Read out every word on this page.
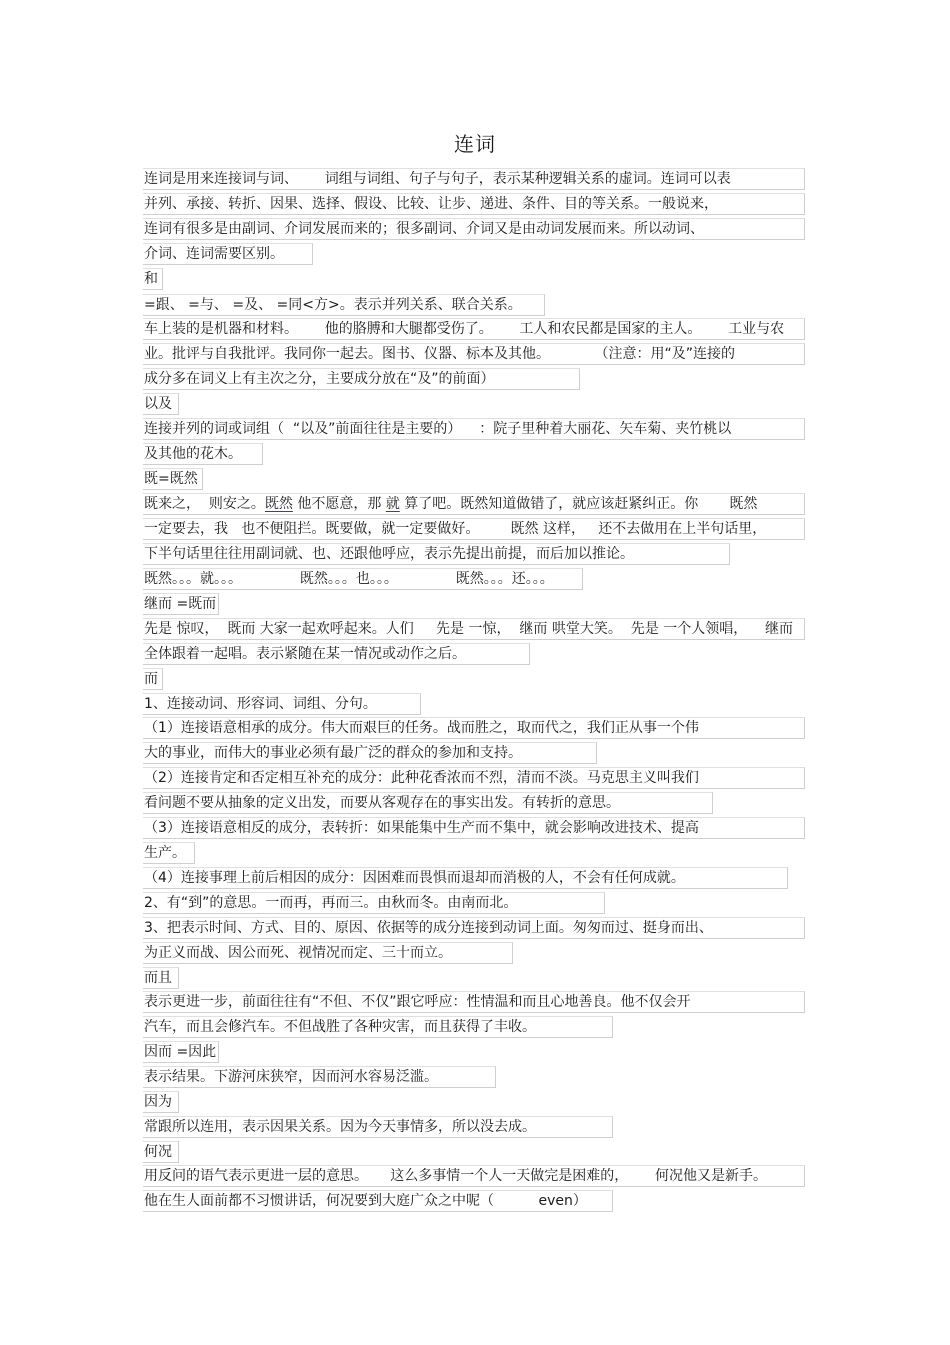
连词
连词是用来连接词与词、      词组与词组、句子与句子，表示某种逻辑关系的虚词。连词可以表
并列、承接、转折、因果、选择、假设、比较、让步、递进、条件、目的等关系。一般说来，
连词有很多是由副词、介词发展而来的；很多副词、介词又是由动词发展而来。所以动词、
介词、连词需要区别。
和
=跟、 =与、 =及、 =同<方>。表示并列关系、联合关系。
车上装的是机器和材料。      他的胳膊和大腿都受伤了。      工人和农民都是国家的主人。      工业与农
业。批评与自我批评。我同你一起去。图书、仪器、标本及其他。          （注意：用“及”连接的
成分多在词义上有主次之分，主要成分放在“及”的前面）
以及
连接并列的词或词组（  “以及”前面往往是主要的）    ：院子里种着大丽花、矢车菊、夹竹桃以
及其他的花木。
既=既然
既来之，  则安之。既然 他不愿意，那 就 算了吧。既然知道做错了，就应该赶紧纠正。你       既然
一定要去，我   也不便阻拦。既要做，就一定要做好。       既然 这样，   还不去做用在上半句话里，
下半句话里往往用副词就、也、还跟他呼应，表示先提出前提，而后加以推论。
既然。。。就。。。             既然。。。也。。。             既然。。。还。。。
继而 =既而
先是 惊叹，  既而 大家一起欢呼起来。人们     先是 一惊，  继而 哄堂大笑。  先是 一个人领唱，    继而
全体跟着一起唱。表示紧随在某一情况或动作之后。
而
1、连接动词、形容词、词组、分句。
（1）连接语意相承的成分。伟大而艰巨的任务。战而胜之，取而代之，我们正从事一个伟
大的事业，而伟大的事业必须有最广泛的群众的参加和支持。
（2）连接肯定和否定相互补充的成分：此种花香浓而不烈，清而不淡。马克思主义叫我们
看问题不要从抽象的定义出发，而要从客观存在的事实出发。有转折的意思。
（3）连接语意相反的成分，表转折：如果能集中生产而不集中，就会影响改进技术、提高
生产。
（4）连接事理上前后相因的成分：因困难而畏惧而退却而消极的人，不会有任何成就。
2、有“到”的意思。一而再，再而三。由秋而冬。由南而北。
3、把表示时间、方式、目的、原因、依据等的成分连接到动词上面。匆匆而过、挺身而出、
为正义而战、因公而死、视情况而定、三十而立。
而且
表示更进一步，前面往往有“不但、不仅”跟它呼应：性情温和而且心地善良。他不仅会开
汽车，而且会修汽车。不但战胜了各种灾害，而且获得了丰收。
因而 =因此
表示结果。下游河床狭窄，因而河水容易泛滥。
因为
常跟所以连用，表示因果关系。因为今天事情多，所以没去成。
何况
用反问的语气表示更进一层的意思。     这么多事情一个人一天做完是困难的，      何况他又是新手。
他在生人面前都不习惯讲话，何况要到大庭广众之中呢（          even）
